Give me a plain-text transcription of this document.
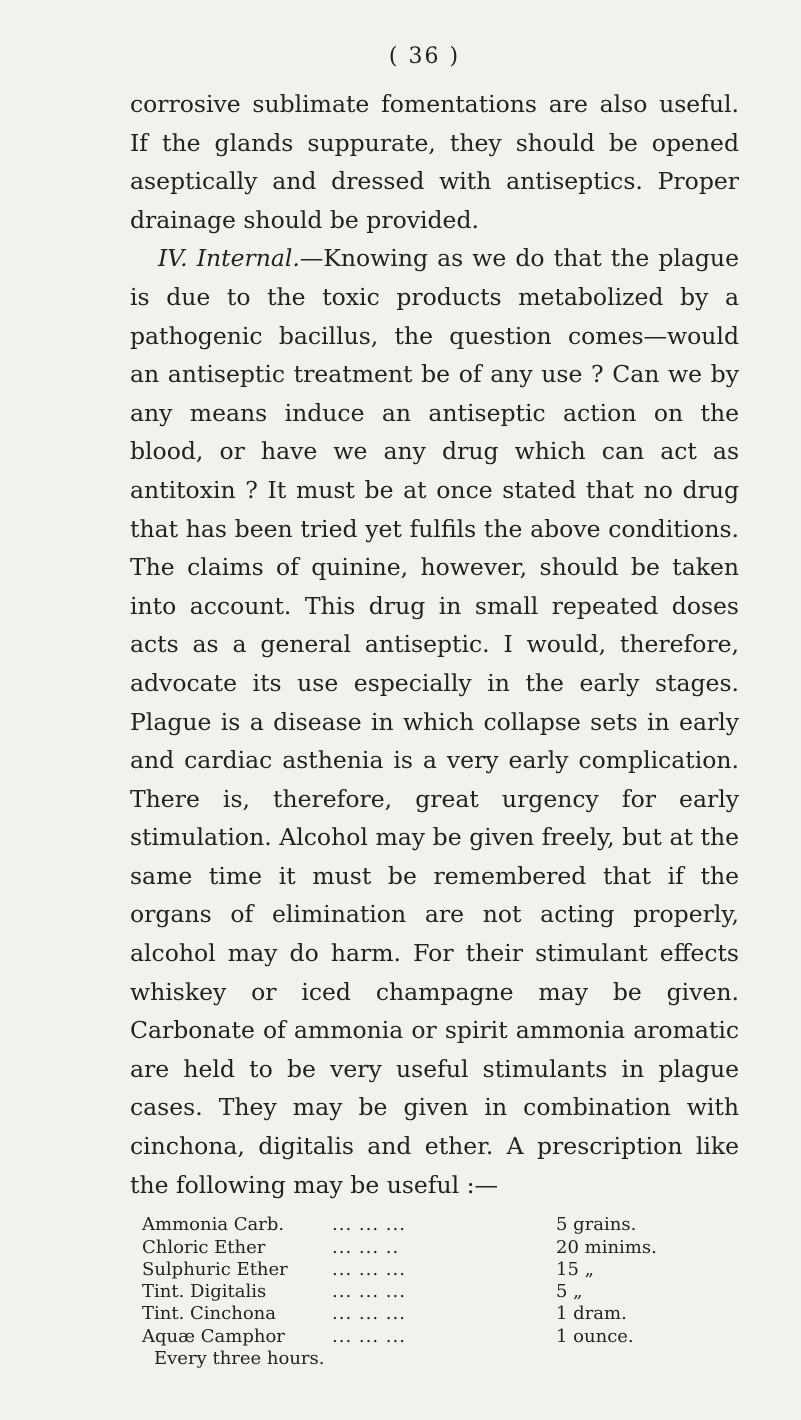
( 36 )

corrosive sublimate fomentations are also useful. If the glands suppurate, they should be opened aseptically and dressed with antiseptics. Proper drainage should be provided.

IV. Internal.—Knowing as we do that the plague is due to the toxic products metabolized by a pathogenic bacillus, the question comes—would an antiseptic treatment be of any use ? Can we by any means induce an antiseptic action on the blood, or have we any drug which can act as antitoxin ? It must be at once stated that no drug that has been tried yet fulfils the above conditions. The claims of quinine, however, should be taken into account. This drug in small repeated doses acts as a general antiseptic. I would, therefore, advocate its use especially in the early stages. Plague is a disease in which collapse sets in early and cardiac asthenia is a very early complication. There is, therefore, great urgency for early stimulation. Alcohol may be given freely, but at the same time it must be remembered that if the organs of elimination are not acting properly, alcohol may do harm. For their stimulant effects whiskey or iced champagne may be given. Carbonate of ammonia or spirit ammonia aromatic are held to be very useful stimulants in plague cases. They may be given in combination with cinchona, digitalis and ether. A prescription like the following may be useful :—

Ammonia Carb.	... ... ...	5 grains.
Chloric Ether	... ... ..	20 minims.
Sulphuric Ether	... ... ...	15 „
Tint. Digitalis	... ... ...	5 „
Tint. Cinchona	... ... ...	1 dram.
Aquæ Camphor	... ... ...	1 ounce.
Every three hours.
